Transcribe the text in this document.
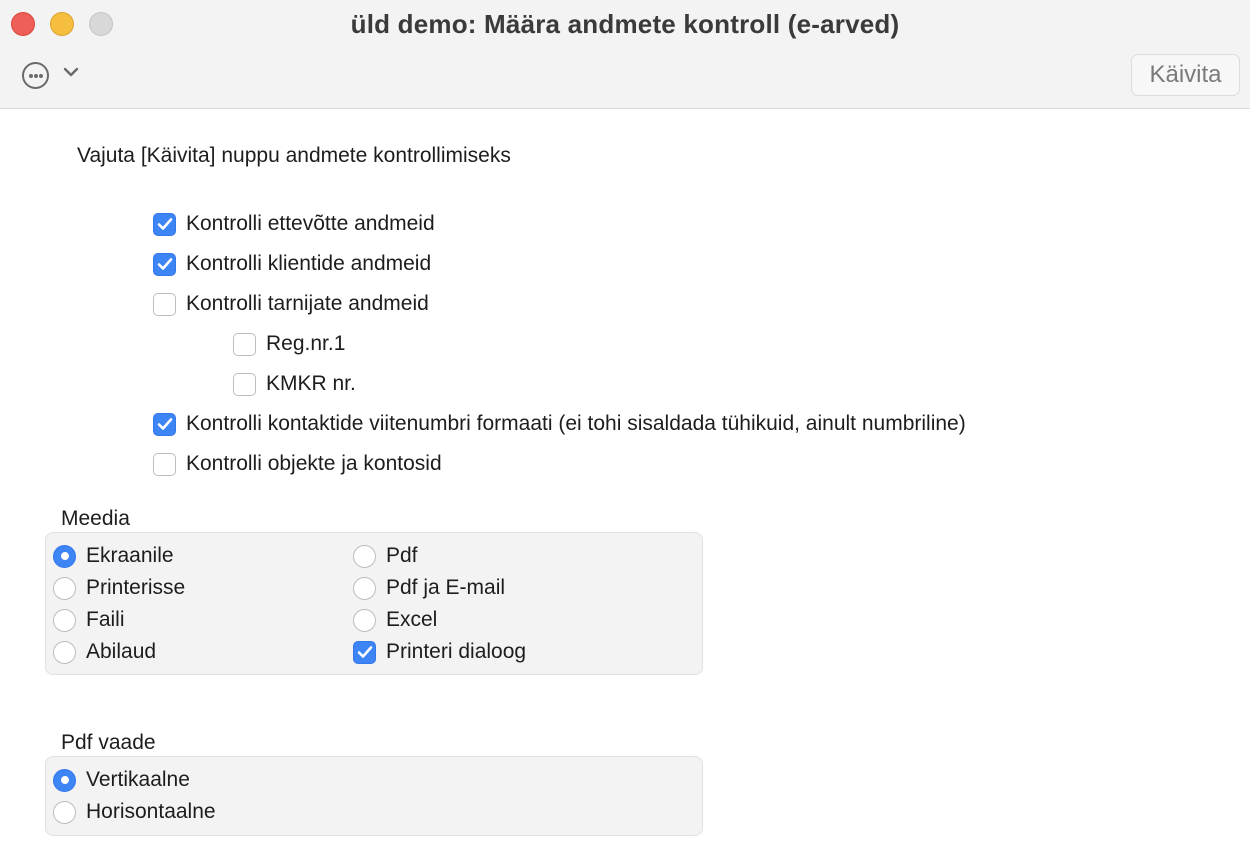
üld demo: Määra andmete kontroll (e-arved)
Käivita
Vajuta [Käivita] nuppu andmete kontrollimiseks
Kontrolli ettevõtte andmeid
Kontrolli klientide andmeid
Kontrolli tarnijate andmeid
Reg.nr.1
KMKR nr.
Kontrolli kontaktide viitenumbri formaati (ei tohi sisaldada tühikuid, ainult numbriline)
Kontrolli objekte ja kontosid
Meedia
Ekraanile
Printerisse
Faili
Abilaud
Pdf
Pdf ja E-mail
Excel
Printeri dialoog
Pdf vaade
Vertikaalne
Horisontaalne
